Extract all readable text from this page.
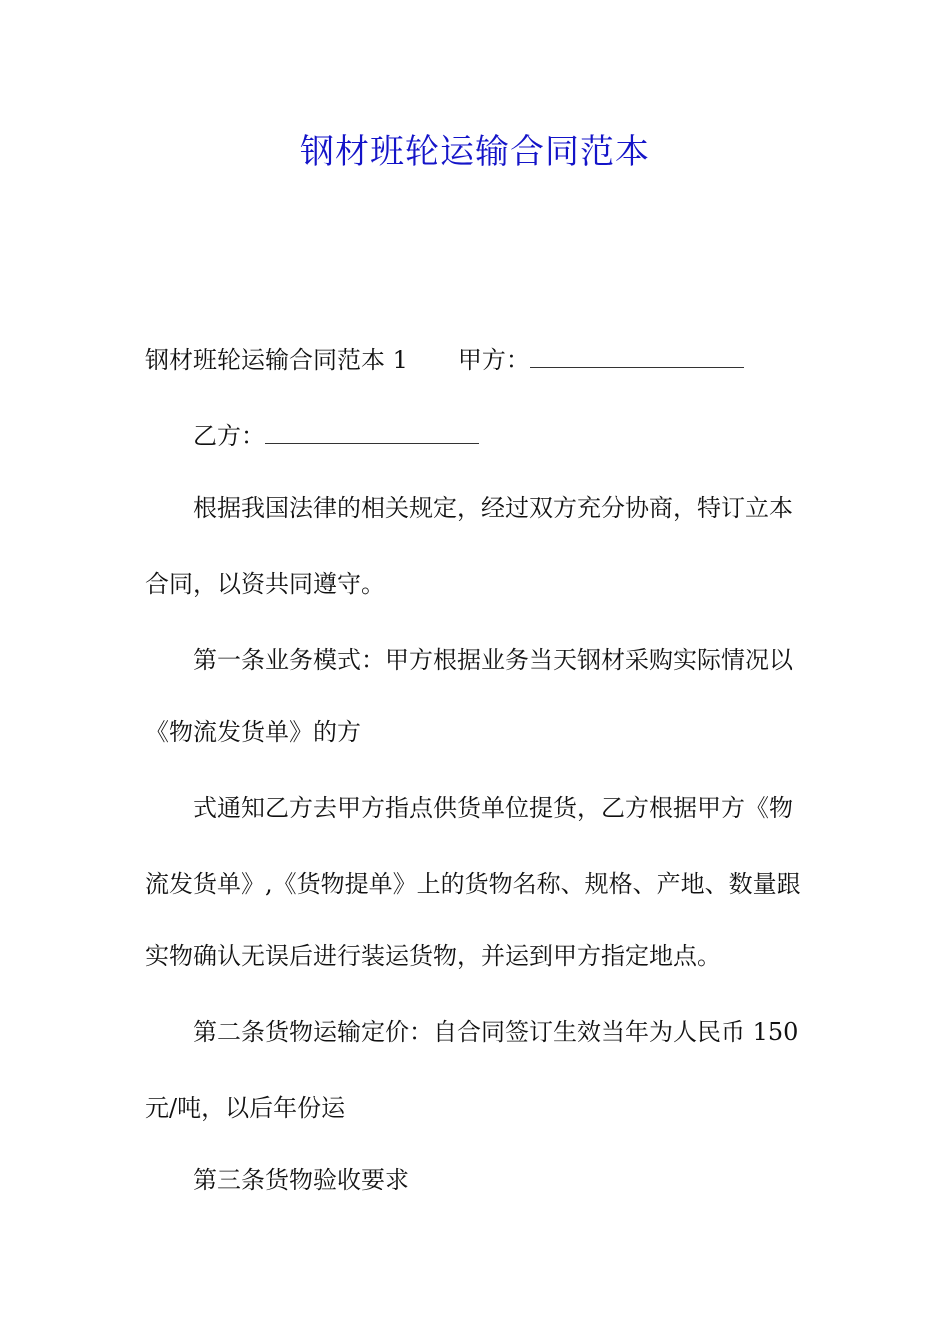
钢材班轮运输合同范本
钢材班轮运输合同范本 1 甲方：
乙方：
根据我国法律的相关规定，经过双方充分协商，特订立本
合同，以资共同遵守。
第一条业务模式：甲方根据业务当天钢材采购实际情况以
《物流发货单》的方
式通知乙方去甲方指点供货单位提货，乙方根据甲方《物
流发货单》,《货物提单》上的货物名称、规格、产地、数量跟
实物确认无误后进行装运货物，并运到甲方指定地点。
第二条货物运输定价：自合同签订生效当年为人民币 150
元/吨，以后年份运
第三条货物验收要求
